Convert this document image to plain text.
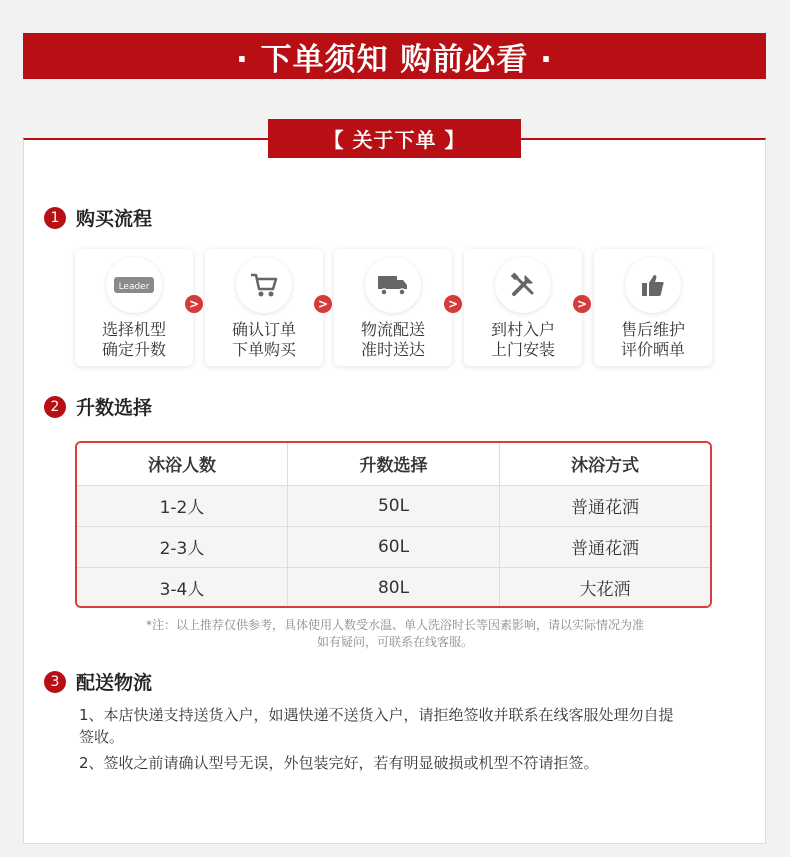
· 下单须知 购前必看 ·
【 关于下单 】
1 购买流程
Leader
选择机型
确定升数
>
确认订单
下单购买
>
物流配送
准时送达
>
到村入户
上门安装
>
售后维护
评价晒单
2 升数选择
沐浴人数	升数选择	沐浴方式
1-2人	50L	普通花洒
2-3人	60L	普通花洒
3-4人	80L	大花洒
*注：以上推荐仅供参考，具体使用人数受水温、单人洗浴时长等因素影响，请以实际情况为准
如有疑问，可联系在线客服。
3 配送物流
1、本店快递支持送货入户，如遇快递不送货入户，请拒绝签收并联系在线客服处理勿自提签收。
2、签收之前请确认型号无误，外包装完好，若有明显破损或机型不符请拒签。
